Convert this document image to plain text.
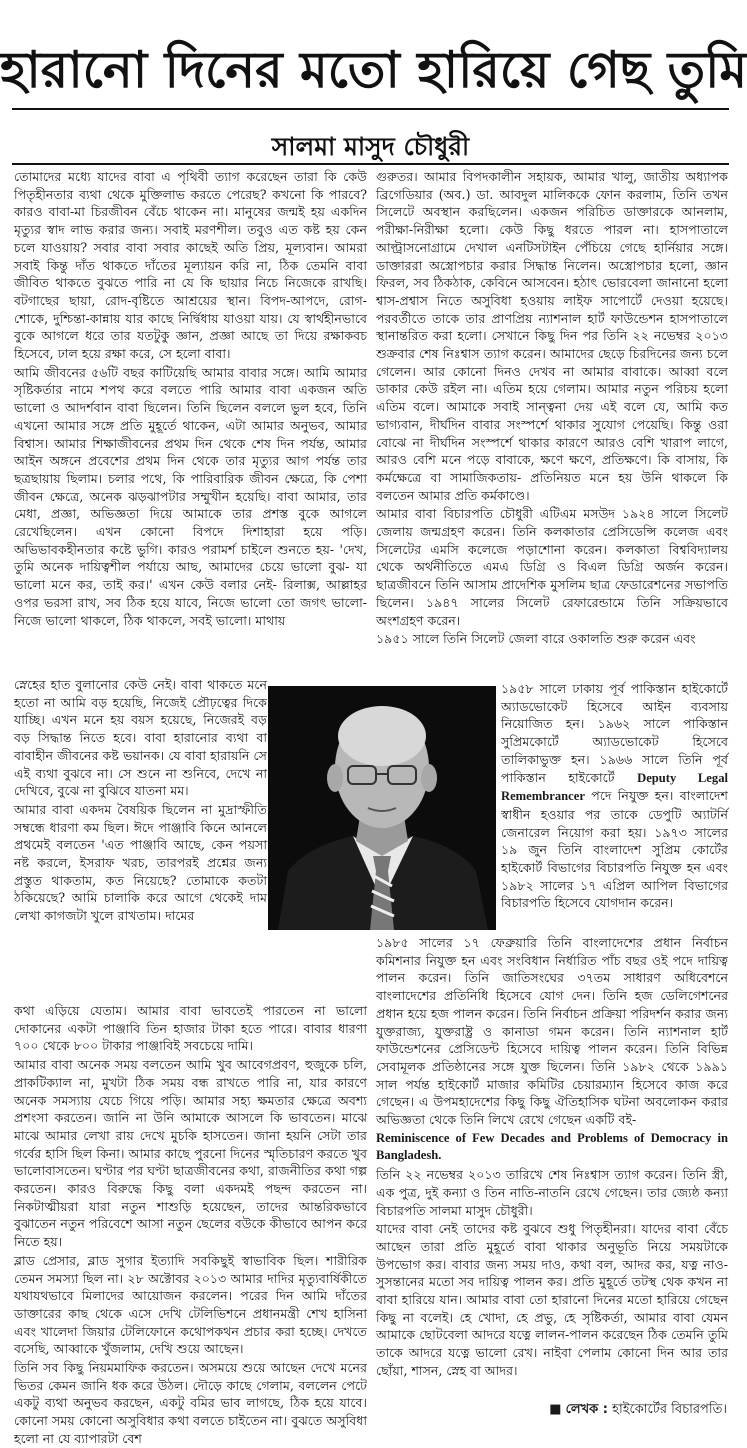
হারানো দিনের মতো হারিয়ে গেছ তুমি
সালমা মাসুদ চৌধুরী

তোমাদের মধ্যে যাদের বাবা এ পৃথিবী ত্যাগ করেছেন তারা কি কেউ পিতৃহীনতার ব্যথা থেকে মুক্তিলাভ করতে পেরেছ? কখনো কি পারবে? কারও বাবা-মা চিরজীবন বেঁচে থাকেন না। মানুষের জন্মই হয় একদিন মৃত্যুর স্বাদ লাভ করার জন্য। সবাই মরণশীল। তবুও এত কষ্ট হয় কেন চলে যাওয়ায়? সবার বাবা সবার কাছেই অতি প্রিয়, মূল্যবান। আমরা সবাই কিন্তু দাঁত থাকতে দাঁতের মূল্যায়ন করি না, ঠিক তেমনি বাবা জীবিত থাকতে বুঝতে পারি না যে কি ছায়ার নিচে নিজেকে রাখছি। বটগাছের ছায়া, রোদ-বৃষ্টিতে আশ্রয়ের স্থান। বিপদ-আপদে, রোগ-শোকে, দুশ্চিন্তা-কান্নায় যার কাছে নির্দ্বিধায় যাওয়া যায়। যে স্বার্থহীনভাবে বুকে আগলে ধরে তার যতটুকু জ্ঞান, প্রজ্ঞা আছে তা দিয়ে রক্ষাকবচ হিসেবে, ঢাল হয়ে রক্ষা করে, সে হলো বাবা।

আমি জীবনের ৫৬টি বছর কাটিয়েছি আমার বাবার সঙ্গে। আমি আমার সৃষ্টিকর্তার নামে শপথ করে বলতে পারি আমার বাবা একজন অতি ভালো ও আদর্শবান বাবা ছিলেন। তিনি ছিলেন বললে ভুল হবে, তিনি এখনো আমার সঙ্গে প্রতি মুহূর্তে থাকেন, এটা আমার অনুভব, আমার বিশ্বাস। আমার শিক্ষাজীবনের প্রথম দিন থেকে শেষ দিন পর্যন্ত, আমার আইন অঙ্গনে প্রবেশের প্রথম দিন থেকে তার মৃত্যুর আগ পর্যন্ত তার ছত্রছায়ায় ছিলাম। চলার পথে, কি পারিবারিক জীবন ক্ষেত্রে, কি পেশা জীবন ক্ষেত্রে, অনেক ঝড়ঝাপটার সম্মুখীন হয়েছি। বাবা আমার, তার মেধা, প্রজ্ঞা, অভিজ্ঞতা দিয়ে আমাকে তার প্রশস্ত বুকে আগলে রেখেছিলেন। এখন কোনো বিপদে দিশাহারা হয়ে পড়ি। অভিভাবকহীনতার কষ্টে ভুগি। কারও পরামর্শ চাইলে শুনতে হয়- 'দেখ, তুমি অনেক দায়িত্বশীল পর্যায়ে আছ, আমাদের চেয়ে ভালো বুঝ- যা ভালো মনে কর, তাই কর।' এখন কেউ বলার নেই- রিলাক্স, আল্লাহর ওপর ভরসা রাখ, সব ঠিক হয়ে যাবে, নিজে ভালো তো জগৎ ভালো- নিজে ভালো থাকলে, ঠিক থাকলে, সবই ভালো। মাথায়

স্নেহের হাত বুলানোর কেউ নেই। বাবা থাকতে মনে হতো না আমি বড় হয়েছি, নিজেই প্রৌঢ়ত্বের দিকে যাচ্ছি। এখন মনে হয় বয়স হয়েছে, নিজেরই বড় বড় সিদ্ধান্ত নিতে হবে। বাবা হারানোর ব্যথা বা বাবাহীন জীবনের কষ্ট ভয়ানক। যে বাবা হারায়নি সে এই ব্যথা বুঝবে না। সে শুনে না শুনিবে, দেখে না দেখিবে, বুঝে না বুঝিবে যাতনা মম।

আমার বাবা একদম বৈষয়িক ছিলেন না মুদ্রাস্ফীতি সম্বন্ধে ধারণা কম ছিল। ঈদে পাঞ্জাবি কিনে আনলে প্রথমেই বলতেন 'এত পাঞ্জাবি আছে, কেন পয়সা নষ্ট করলে, ইসরাফ খরচ, তারপরই প্রশ্নের জন্য প্রস্তুত থাকতাম, কত নিয়েছে? তোমাকে কতটা ঠকিয়েছে? আমি চালাকি করে আগে থেকেই দাম লেখা কাগজটা খুলে রাখতাম। দামের

কথা এড়িয়ে যেতাম। আমার বাবা ভাবতেই পারতেন না ভালো দোকানের একটা পাঞ্জাবি তিন হাজার টাকা হতে পারে। বাবার ধারণা ৭০০ থেকে ৮০০ টাকার পাঞ্জাবিই সবচেয়ে দামি।

আমার বাবা অনেক সময় বলতেন আমি খুব আবেগপ্রবণ, হুজুকে চলি, প্রাকটিক্যাল না, মুখটা ঠিক সময় বন্ধ রাখতে পারি না, যার কারণে অনেক সমস্যায় যেচে গিয়ে পড়ি। আমার সহ্য ক্ষমতার ক্ষেত্রে অবশ্য প্রশংসা করতেন। জানি না উনি আমাকে আসলে কি ভাবতেন। মাঝে মাঝে আমার লেখা রায় দেখে মুচকি হাসতেন। জানা হয়নি সেটা তার গর্বের হাসি ছিল কিনা। আমার কাছে পুরনো দিনের স্মৃতিচারণ করতে খুব ভালোবাসতেন। ঘণ্টার পর ঘণ্টা ছাত্রজীবনের কথা, রাজনীতির কথা গল্প করতেন। কারও বিরুদ্ধে কিছু বলা একদমই পছন্দ করতেন না। নিকটাত্মীয়রা যারা নতুন শাশুড়ি হয়েছেন, তাদের আন্তরিকভাবে বুঝাতেন নতুন পরিবেশে আসা নতুন ছেলের বউকে কীভাবে আপন করে নিতে হয়।

ব্লাড প্রেসার, ব্লাড সুগার ইত্যাদি সবকিছুই স্বাভাবিক ছিল। শারীরিক তেমন সমস্যা ছিল না। ২৮ অক্টোবর ২০১৩ আমার দাদির মৃত্যুবার্ষিকীতে যথাযথভাবে মিলাদের আয়োজন করলেন। পরের দিন আমি দাঁতের ডাক্তারের কাছ থেকে এসে দেখি টেলিভিশনে প্রধানমন্ত্রী শেখ হাসিনা এবং খালেদা জিয়ার টেলিফোনে কথোপকথন প্রচার করা হচ্ছে। দেখতে বসেছি, আব্বাকে খুঁজলাম, দেখি শুয়ে আছেন।

তিনি সব কিছু নিয়মমাফিক করতেন। অসময়ে শুয়ে আছেন দেখে মনের ভিতর কেমন জানি ধক করে উঠল। দৌড়ে কাছে গেলাম, বললেন পেটে একটু ব্যথা অনুভব করছেন, একটু বমির ভাব লাগছে, ঠিক হয়ে যাবে। কোনো সময় কোনো অসুবিধার কথা বলতে চাইতেন না। বুঝতে অসুবিধা হলো না যে ব্যাপারটা বেশ

গুরুতর। আমার বিপদকালীন সহায়ক, আমার খালু, জাতীয় অধ্যাপক ব্রিগেডিয়ার (অব.) ডা. আবদুল মালিককে ফোন করলাম, তিনি তখন সিলেটে অবস্থান করছিলেন। একজন পরিচিত ডাক্তারকে আনলাম, পরীক্ষা-নিরীক্ষা হলো। কেউ কিছু ধরতে পারল না। হাসপাতালে আল্ট্রাসনোগ্রামে দেখাল এনটিসটাইন পেঁচিয়ে গেছে হার্নিয়ার সঙ্গে। ডাক্তাররা অস্ত্রোপচার করার সিদ্ধান্ত নিলেন। অস্ত্রোপচার হলো, জ্ঞান ফিরল, সব ঠিকঠাক, কেবিনে আসবেন। হঠাৎ ভোরবেলা জানানো হলো শ্বাস-প্রশ্বাস নিতে অসুবিধা হওয়ায় লাইফ সাপোর্টে দেওয়া হয়েছে। পরবর্তীতে তাকে তার প্রাণপ্রিয় ন্যাশনাল হার্ট ফাউন্ডেশন হাসপাতালে স্থানান্তরিত করা হলো। সেখানে কিছু দিন পর তিনি ২২ নভেম্বর ২০১৩ শুক্রবার শেষ নিঃশ্বাস ত্যাগ করেন। আমাদের ছেড়ে চিরদিনের জন্য চলে গেলেন। আর কোনো দিনও দেখব না আমার বাবাকে। আব্বা বলে ডাকার কেউ রইল না। এতিম হয়ে গেলাম। আমার নতুন পরিচয় হলো এতিম বলে। আমাকে সবাই সান্ত্বনা দেয় এই বলে যে, আমি কত ভাগ্যবান, দীর্ঘদিন বাবার সংস্পর্শে থাকার সুযোগ পেয়েছি। কিন্তু ওরা বোঝে না দীর্ঘদিন সংস্পর্শে থাকার কারণে আরও বেশি খারাপ লাগে, আরও বেশি মনে পড়ে বাবাকে, ক্ষণে ক্ষণে, প্রতিক্ষণে। কি বাসায়, কি কর্মক্ষেত্রে বা সামাজিকতায়- প্রতিনিয়ত মনে হয় উনি থাকলে কি বলতেন আমার প্রতি কর্মকাণ্ডে।

আমার বাবা বিচারপতি চৌধুরী এটিএম মসউদ ১৯২৪ সালে সিলেট জেলায় জন্মগ্রহণ করেন। তিনি কলকাতার প্রেসিডেন্সি কলেজ এবং সিলেটের এমসি কলেজে পড়াশোনা করেন। কলকাতা বিশ্ববিদ্যালয় থেকে অর্থনীতিতে এমএ ডিগ্রি ও বিএল ডিগ্রি অর্জন করেন। ছাত্রজীবনে তিনি আসাম প্রাদেশিক মুসলিম ছাত্র ফেডারেশনের সভাপতি ছিলেন। ১৯৪৭ সালের সিলেট রেফারেন্ডামে তিনি সক্রিয়ভাবে অংশগ্রহণ করেন।

১৯৫১ সালে তিনি সিলেট জেলা বারে ওকালতি শুরু করেন এবং

১৯৫৮ সালে ঢাকায় পূর্ব পাকিস্তান হাইকোর্টে অ্যাডভোকেট হিসেবে আইন ব্যবসায় নিয়োজিত হন। ১৯৬২ সালে পাকিস্তান সুপ্রিমকোর্টে অ্যাডভোকেট হিসেবে তালিকাভুক্ত হন। ১৯৬৬ সালে তিনি পূর্ব পাকিস্তান হাইকোর্টে Deputy Legal Remembrancer পদে নিযুক্ত হন। বাংলাদেশ স্বাধীন হওয়ার পর তাকে ডেপুটি অ্যাটর্নি জেনারেল নিয়োগ করা হয়। ১৯৭৩ সালের ১৯ জুন তিনি বাংলাদেশ সুপ্রিম কোর্টের হাইকোর্ট বিভাগের বিচারপতি নিযুক্ত হন এবং ১৯৮২ সালের ১৭ এপ্রিল আপিল বিভাগের বিচারপতি হিসেবে যোগদান করেন।

১৯৮৫ সালের ১৭ ফেব্রুয়ারি তিনি বাংলাদেশের প্রধান নির্বাচন কমিশনার নিযুক্ত হন এবং সংবিধান নির্ধারিত পাঁচ বছর ওই পদে দায়িত্ব পালন করেন। তিনি জাতিসংঘের ৩৭তম সাধারণ অধিবেশনে বাংলাদেশের প্রতিনিধি হিসেবে যোগ দেন। তিনি হজ ডেলিগেশনের প্রধান হয়ে হজ পালন করেন। তিনি নির্বাচন প্রক্রিয়া পরিদর্শন করার জন্য যুক্তরাজ্য, যুক্তরাষ্ট্র ও কানাডা গমন করেন। তিনি ন্যাশনাল হার্ট ফাউন্ডেশনের প্রেসিডেন্ট হিসেবে দায়িত্ব পালন করেন। তিনি বিভিন্ন সেবামূলক প্রতিষ্ঠানের সঙ্গে যুক্ত ছিলেন। তিনি ১৯৮২ থেকে ১৯৯১ সাল পর্যন্ত হাইকোর্ট মাজার কমিটির চেয়ারম্যান হিসেবে কাজ করে গেছেন। এ উপমহাদেশের কিছু কিছু ঐতিহাসিক ঘটনা অবলোকন করার অভিজ্ঞতা থেকে তিনি লিখে রেখে গেছেন একটি বই-

Reminiscence of Few Decades and Problems of Democracy in Bangladesh.

তিনি ২২ নভেম্বর ২০১৩ তারিখে শেষ নিঃশ্বাস ত্যাগ করেন। তিনি স্ত্রী, এক পুত্র, দুই কন্যা ও তিন নাতি-নাতনি রেখে গেছেন। তার জ্যেষ্ঠ কন্যা বিচারপতি সালমা মাসুদ চৌধুরী।

যাদের বাবা নেই তাদের কষ্ট বুঝবে শুধু পিতৃহীনরা। যাদের বাবা বেঁচে আছেন তারা প্রতি মুহূর্তে বাবা থাকার অনুভূতি নিয়ে সময়টাকে উপভোগ কর। বাবার জন্য সময় দাও, কথা বল, আদর কর, যত্ন নাও- সুসন্তানের মতো সব দায়িত্ব পালন কর। প্রতি মুহূর্তে তটস্থ থেক কখন না বাবা হারিয়ে যান। আমার বাবা তো হারানো দিনের মতো হারিয়ে গেছেন কিছু না বলেই। হে খোদা, হে প্রভু, হে সৃষ্টিকর্তা, আমার বাবা যেমন আমাকে ছোটবেলা আদরে যত্নে লালন-পালন করেছেন ঠিক তেমনি তুমি তাকে আদরে যত্নে ভালো রেখ। নাইবা পেলাম কোনো দিন আর তার ছোঁয়া, শাসন, স্নেহ বা আদর।

■ লেখক : হাইকোর্টের বিচারপতি।
